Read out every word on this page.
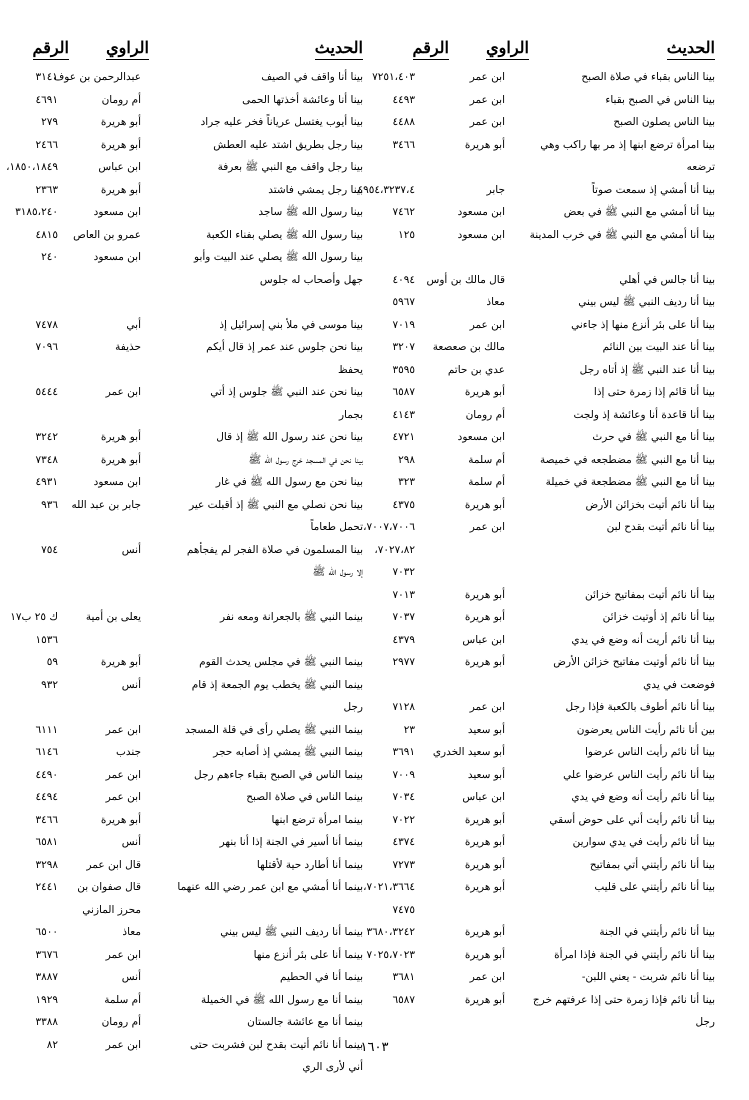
الحديث
الراوي
الرقم
الحديث
الراوي
الرقم
بينا الناس بقباء في صلاة الصبح
ابن عمر
٧٢٥١،٤٠٣
بينا الناس في الصبح بقباء
ابن عمر
٤٤٩٣
بينا الناس يصلون الصبح
ابن عمر
٤٤٨٨
بينا امرأة ترضع ابنها إذ مر بها راكب وهي
أبو هريرة
٣٤٦٦
ترضعه
بينا أنا أمشي إذ سمعت صوتاً
جابر
٤٩٥٤،٣٢٣٧،٤
بينا أنا أمشي مع النبي ﷺ في بعض
ابن مسعود
٧٤٦٢
بينا أنا أمشي مع النبي ﷺ في خرب المدينة
ابن مسعود
١٢٥
بينا أنا جالس في أهلي
قال مالك بن أوس
٤٠٩٤
بينا أنا رديف النبي ﷺ ليس بيني
معاذ
٥٩٦٧
بينا أنا على بئر أنزع منها إذ جاءني
ابن عمر
٧٠١٩
بينا أنا عند البيت بين النائم
مالك بن صعصعة
٣٢٠٧
بينا أنا عند النبي ﷺ إذ أتاه رجل
عدي بن حاتم
٣٥٩٥
بينا أنا قائم إذا زمرة حتى إذا
أبو هريرة
٦٥٨٧
بينا أنا قاعدة أنا وعائشة إذ ولجت
أم رومان
٤١٤٣
بينا أنا مع النبي ﷺ في حرث
ابن مسعود
٤٧٢١
بينا أنا مع النبي ﷺ مضطجعه في خميصة
أم سلمة
٢٩٨
بينا أنا مع النبي ﷺ مضطجعة في خميلة
أم سلمة
٣٢٣
بينا أنا نائم أتيت بخزائن الأرض
أبو هريرة
٤٣٧٥
بينا أنا نائم أتيت بقدح لبن
ابن عمر
٧٠٠٧،٧٠٠٦،
٧٠٢٧،٨٢،
٧٠٣٢
بينا أنا نائم أتيت بمفاتيح خزائن
أبو هريرة
٧٠١٣
بينا أنا نائم إذ أوتيت خزائن
أبو هريرة
٧٠٣٧
بينا أنا نائم أريت أنه وضع في يدي
ابن عباس
٤٣٧٩
بينا أنا نائم أوتيت مفاتيح خزائن الأرض
أبو هريرة
٢٩٧٧
فوضعت في يدي
بينا أنا نائم أطوف بالكعبة فإذا رجل
ابن عمر
٧١٢٨
بين أنا نائم رأيت الناس يعرضون
أبو سعيد
٢٣
بينا أنا نائم رأيت الناس عرضوا
أبو سعيد الخدري
٣٦٩١
بينا أنا نائم رأيت الناس عرضوا علي
أبو سعيد
٧٠٠٩
بينا أنا نائم رأيت أنه وضع في يدي
ابن عباس
٧٠٣٤
بينا أنا نائم رأيت أني على حوض أسقي
أبو هريرة
٧٠٢٢
بينا أنا نائم رأيت في يدي سوارين
أبو هريرة
٤٣٧٤
بينا أنا نائم رأيتني أتي بمفاتيح
أبو هريرة
٧٢٧٣
بينا أنا نائم رأيتني على قليب
أبو هريرة
٧٠٢١،٣٦٦٤،
٧٤٧٥
بينا أنا نائم رأيتني في الجنة
أبو هريرة
٣٦٨٠،٣٢٤٢
بينا أنا نائم رأيتني في الجنة فإذا امرأة
أبو هريرة
٧٠٢٥،٧٠٢٣
بينا أنا نائم شربت - يعني اللبن-
ابن عمر
٣٦٨١
بينا أنا نائم فإذا زمرة حتى إذا عرفتهم خرج
أبو هريرة
٦٥٨٧
رجل
بينا أنا واقف في الصيف
عبدالرحمن بن عوف
٣١٤١
بينا أنا وعائشة أخذتها الحمى
أم رومان
٤٦٩١
بينا أيوب يغتسل عرياناً فخر عليه جراد
أبو هريرة
٢٧٩
بينا رجل بطريق اشتد عليه العطش
أبو هريرة
٢٤٦٦
بينا رجل واقف مع النبي ﷺ بعرفة
ابن عباس
١٨٥٠،١٨٤٩،
بينا رجل يمشي فاشتد
أبو هريرة
٢٣٦٣
بينا رسول الله ﷺ ساجد
ابن مسعود
٣١٨٥،٢٤٠
بينا رسول الله ﷺ يصلي بفناء الكعبة
عمرو بن العاص
٤٨١٥
بينا رسول الله ﷺ يصلي عند البيت وأبو
ابن مسعود
٢٤٠
جهل وأصحاب له جلوس
بينا موسى في ملأ بني إسرائيل إذ
أبي
٧٤٧٨
بينا نحن جلوس عند عمر إذ قال أيكم
حذيفة
٧٠٩٦
يحفظ
بينا نحن عند النبي ﷺ جلوس إذ أتي
ابن عمر
٥٤٤٤
بجمار
بينا نحن عند رسول الله ﷺ إذ قال
أبو هريرة
٣٢٤٢
بينا نحن في المسجد خرج رسول الله ﷺ
أبو هريرة
٧٣٤٨
بينا نحن مع رسول الله ﷺ في غار
ابن مسعود
٤٩٣١
بينا نحن نصلي مع النبي ﷺ إذ أقبلت عير
جابر بن عبد الله
٩٣٦
تحمل طعاماً
بينا المسلمون في صلاة الفجر لم يفجأهم
أنس
٧٥٤
إلا رسول الله ﷺ
بينما النبي ﷺ بالجعرانة ومعه نفر
يعلى بن أمية
ك ٢٥ ب١٧
١٥٣٦
بينما النبي ﷺ في مجلس يحدث القوم
أبو هريرة
٥٩
بينما النبي ﷺ يخطب يوم الجمعة إذ قام
أنس
٩٣٢
رجل
بينما النبي ﷺ يصلي رأى في قلة المسجد
ابن عمر
٦١١١
بينما النبي ﷺ يمشي إذ أصابه حجر
جندب
٦١٤٦
بينما الناس في الصبح بقباء جاءهم رجل
ابن عمر
٤٤٩٠
بينما الناس في صلاة الصبح
ابن عمر
٤٤٩٤
بينما امرأة ترضع ابنها
أبو هريرة
٣٤٦٦
بينما أنا أسير في الجنة إذا أنا بنهر
أنس
٦٥٨١
بينما أنا أطارد حية لأقتلها
قال ابن عمر
٣٢٩٨
بينما أنا أمشي مع ابن عمر رضي الله عنهما
قال صفوان بن
٢٤٤١
محرز المازني
بينما أنا رديف النبي ﷺ ليس بيني
معاذ
٦٥٠٠
بينما أنا على بئر أنزع منها
ابن عمر
٣٦٧٦
بينما أنا في الحطيم
أنس
٣٨٨٧
بينما أنا مع رسول الله ﷺ في الخميلة
أم سلمة
١٩٢٩
بينما أنا مع عائشة جالستان
أم رومان
٣٣٨٨
بينما أنا نائم أتيت بقدح لبن فشربت حتى
ابن عمر
٨٢
أني لأرى الري
١٦٠٣
